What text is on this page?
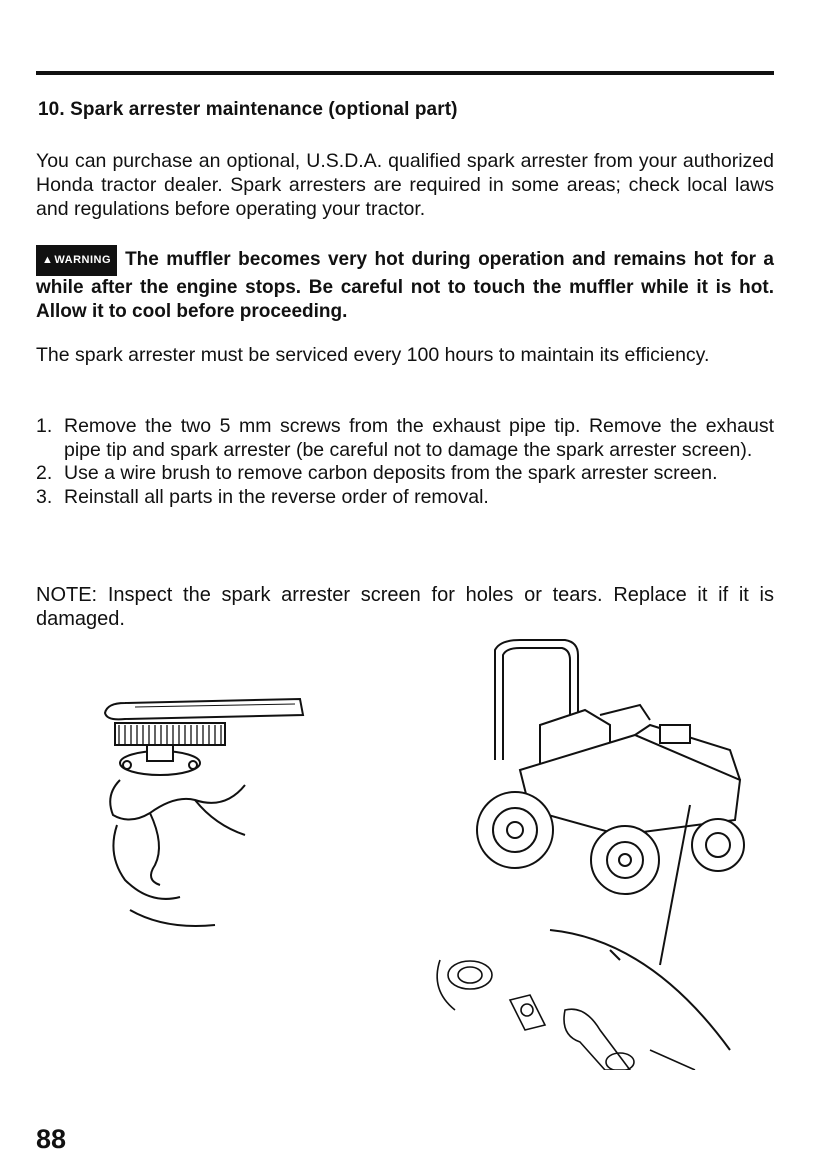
10. Spark arrester maintenance (optional part)
You can purchase an optional, U.S.D.A. qualified spark arrester from your authorized Honda tractor dealer. Spark arresters are required in some areas; check local laws and regulations before operating your tractor.
▲WARNING The muffler becomes very hot during operation and remains hot for a while after the engine stops. Be careful not to touch the muffler while it is hot. Allow it to cool before proceeding.
The spark arrester must be serviced every 100 hours to maintain its efficiency.
1. Remove the two 5 mm screws from the exhaust pipe tip. Remove the exhaust pipe tip and spark arrester (be careful not to damage the spark arrester screen).
2. Use a wire brush to remove carbon deposits from the spark arrester screen.
3. Reinstall all parts in the reverse order of removal.
NOTE: Inspect the spark arrester screen for holes or tears. Replace it if it is damaged.
88
